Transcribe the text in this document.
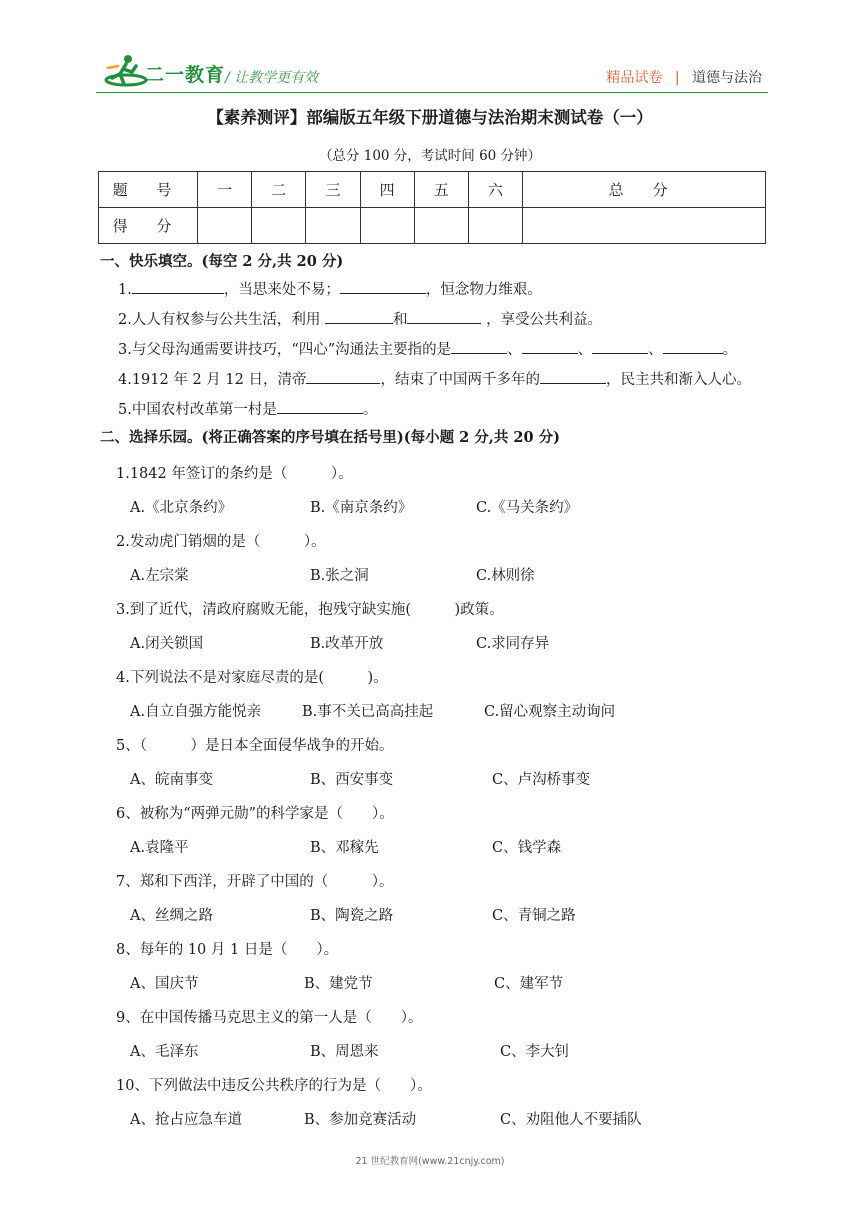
二一教育 / 让教学更有效	精品试卷 | 道德与法治
【素养测评】部编版五年级下册道德与法治期末测试卷（一）
（总分 100 分，考试时间 60 分钟）
题 号	一	二	三	四	五	六	总 分
得 分							
一、快乐填空。(每空 2 分,共 20 分)
1.	，当思来处不易；	，恒念物力维艰。
2.人人有权参与公共生活，利用	和	，享受公共利益。
3.与父母沟通需要讲技巧，“四心”沟通法主要指的是	、	、	、	。
4.1912 年 2 月 12 日，清帝	，结束了中国两千多年的	，民主共和渐入人心。
5.中国农村改革第一村是	。
二、选择乐园。(将正确答案的序号填在括号里)(每小题 2 分,共 20 分)
1.1842 年签订的条约是（　　　）。
A.《北京条约》	B.《南京条约》	C.《马关条约》
2.发动虎门销烟的是（　　　）。
A.左宗棠	B.张之洞	C.林则徐
3.到了近代，清政府腐败无能，抱残守缺实施(　　　)政策。
A.闭关锁国	B.改革开放	C.求同存异
4.下列说法不是对家庭尽责的是(　　　)。
A.自立自强方能悦亲	B.事不关已高高挂起	C.留心观察主动询问
5、（　　　）是日本全面侵华战争的开始。
A、皖南事变	B、西安事变	C、卢沟桥事变
6、被称为“两弹元勋”的科学家是（　　）。
A.袁隆平	B、邓稼先	C、钱学森
7、郑和下西洋，开辟了中国的（　　　）。
A、丝绸之路	B、陶瓷之路	C、青铜之路
8、每年的 10 月 1 日是（　　）。
A、国庆节	B、建党节	C、建军节
9、在中国传播马克思主义的第一人是（　　）。
A、毛泽东	B、周恩来	C、李大钊
10、下列做法中违反公共秩序的行为是（　　）。
A、抢占应急车道	B、参加竞赛活动	C、劝阻他人不要插队
21 世纪教育网(www.21cnjy.com)
